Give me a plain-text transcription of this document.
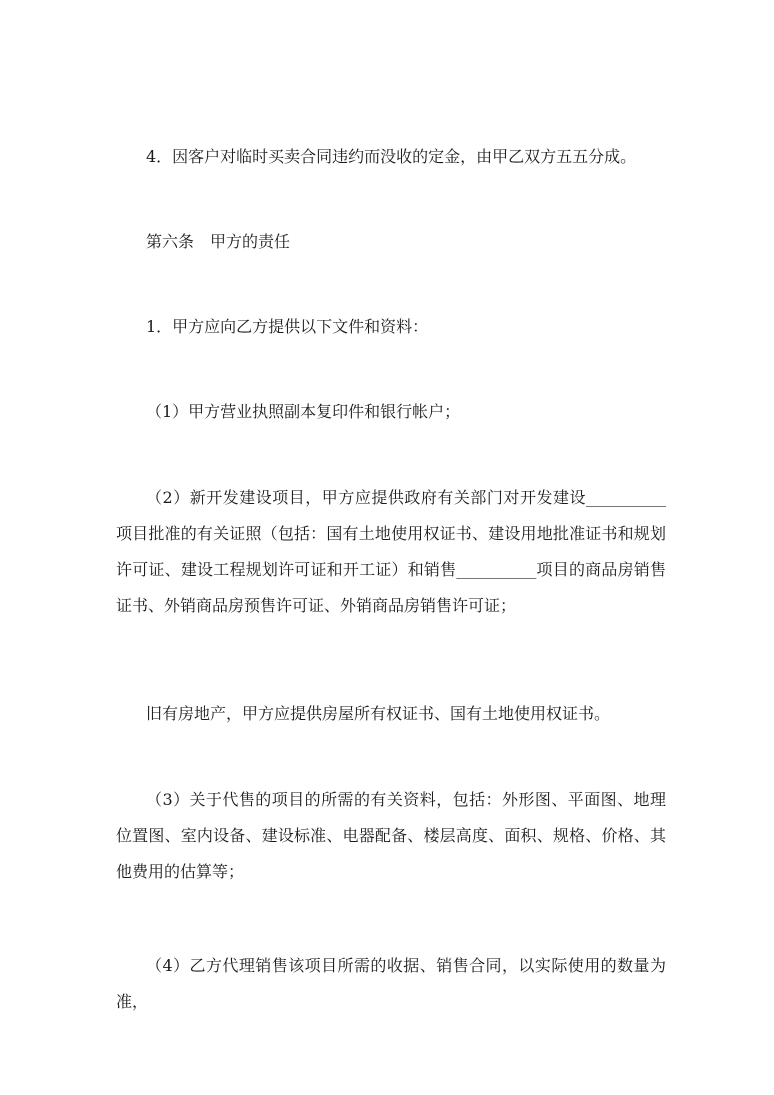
4．因客户对临时买卖合同违约而没收的定金，由甲乙双方五五分成。

第六条　甲方的责任

1．甲方应向乙方提供以下文件和资料：

（1）甲方营业执照副本复印件和银行帐户；

（2）新开发建设项目，甲方应提供政府有关部门对开发建设__________项目批准的有关证照（包括：国有土地使用权证书、建设用地批准证书和规划许可证、建设工程规划许可证和开工证）和销售__________项目的商品房销售证书、外销商品房预售许可证、外销商品房销售许可证；

旧有房地产，甲方应提供房屋所有权证书、国有土地使用权证书。

（3）关于代售的项目的所需的有关资料，包括：外形图、平面图、地理位置图、室内设备、建设标准、电器配备、楼层高度、面积、规格、价格、其他费用的估算等；

（4）乙方代理销售该项目所需的收据、销售合同，以实际使用的数量为准，
